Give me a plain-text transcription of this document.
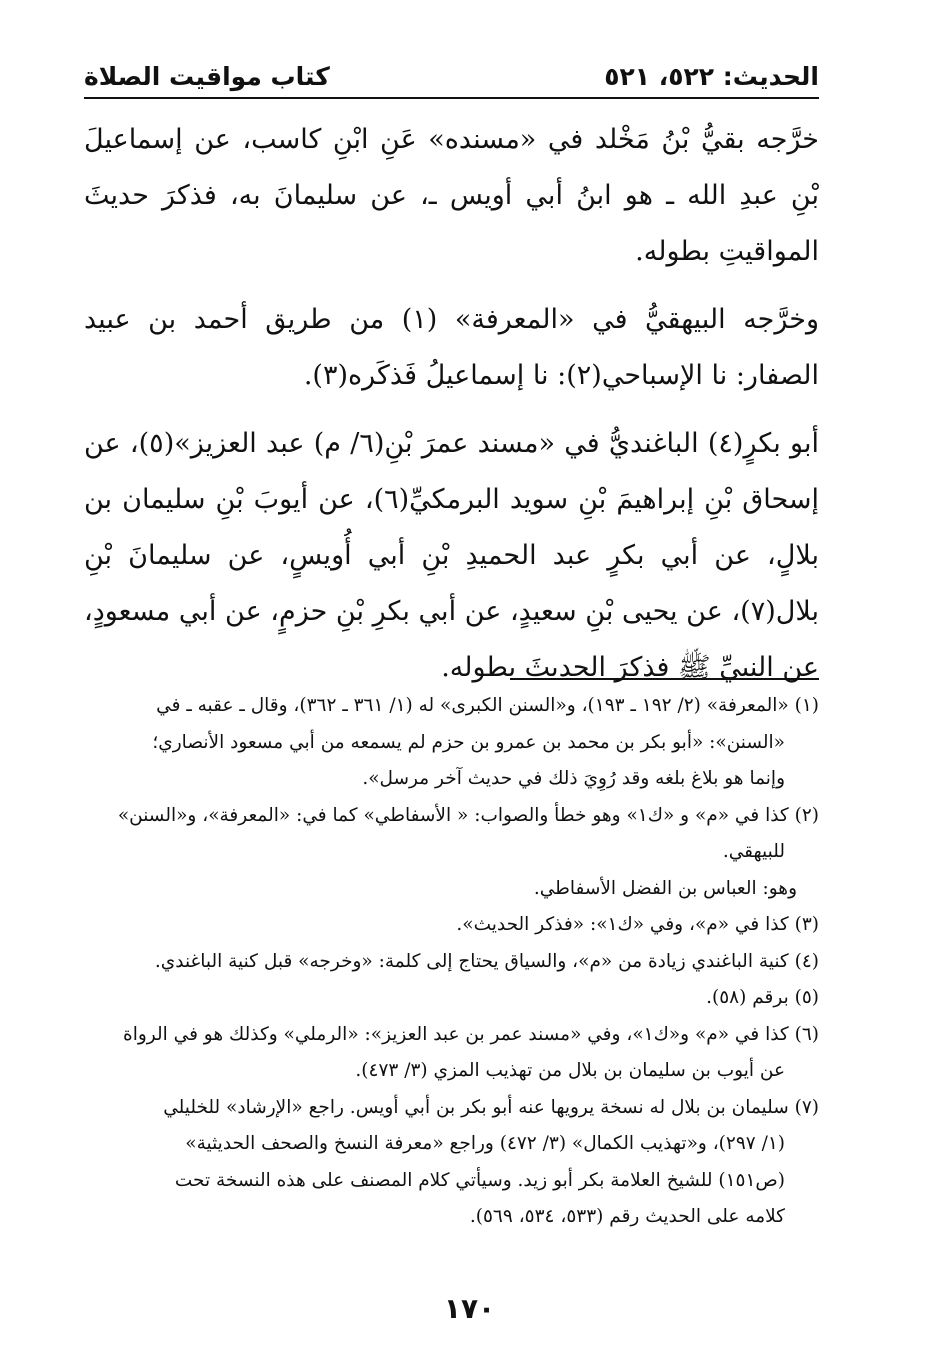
الحديث: ٥٢٢، ٥٢١
كتاب مواقيت الصلاة

خرَّجه بقيُّ بْنُ مَخْلد في «مسنده» عَنِ ابْنِ كاسب، عن إسماعيلَ بْنِ عبدِ الله ـ هو ابنُ أبي أويس ـ، عن سليمانَ به، فذكرَ حديثَ المواقيتِ بطوله.

وخرَّجه البيهقيُّ في «المعرفة» (١) من طريق أحمد بن عبيد الصفار: نا الإسباحي(٢): نا إسماعيلُ فَذكَره(٣).

أبو بكرٍ(٤) الباغنديُّ في «مسند عمرَ بْنِ(٦/ م) عبد العزيز»(٥)، عن إسحاق بْنِ إبراهيمَ بْنِ سويد البرمكيِّ(٦)، عن أيوبَ بْنِ سليمان بن بلالٍ، عن أبي بكرٍ عبد الحميدِ بْنِ أبي أُويسٍ، عن سليمانَ بْنِ بلال(٧)، عن يحيى بْنِ سعيدٍ، عن أبي بكرِ بْنِ حزمٍ، عن أبي مسعودٍ، عن النبيِّ ﷺ فذكرَ الحديثَ بطوله.

(١) «المعرفة» (٢/ ١٩٢ ـ ١٩٣)، و«السنن الكبرى» له (١/ ٣٦١ ـ ٣٦٢)، وقال ـ عقبه ـ في

«السنن»: «أبو بكر بن محمد بن عمرو بن حزم لم يسمعه من أبي مسعود الأنصاري؛

وإنما هو بلاغ بلغه وقد رُوِيَ ذلك في حديث آخر مرسل».

(٢) كذا في «م» و «ك١» وهو خطأ والصواب: « الأسفاطي» كما في: «المعرفة»، و«السنن»

للبيهقي.

وهو: العباس بن الفضل الأسفاطي.

(٣) كذا في «م»، وفي «ك١»: «فذكر الحديث».

(٤) كنية الباغندي زيادة من «م»، والسياق يحتاج إلى كلمة: «وخرجه» قبل كنية الباغندي.

(٥) برقم (٥٨).

(٦) كذا في «م» و«ك١»، وفي «مسند عمر بن عبد العزيز»: «الرملي» وكذلك هو في الرواة

عن أيوب بن سليمان بن بلال من تهذيب المزي (٣/ ٤٧٣).

(٧) سليمان بن بلال له نسخة يرويها عنه أبو بكر بن أبي أويس. راجع «الإرشاد» للخليلي

(١/ ٢٩٧)، و«تهذيب الكمال» (٣/ ٤٧٢) وراجع «معرفة النسخ والصحف الحديثية»

(ص١٥١) للشيخ العلامة بكر أبو زيد. وسيأتي كلام المصنف على هذه النسخة تحت

كلامه على الحديث رقم (٥٣٣، ٥٣٤، ٥٦٩).

١٧٠
